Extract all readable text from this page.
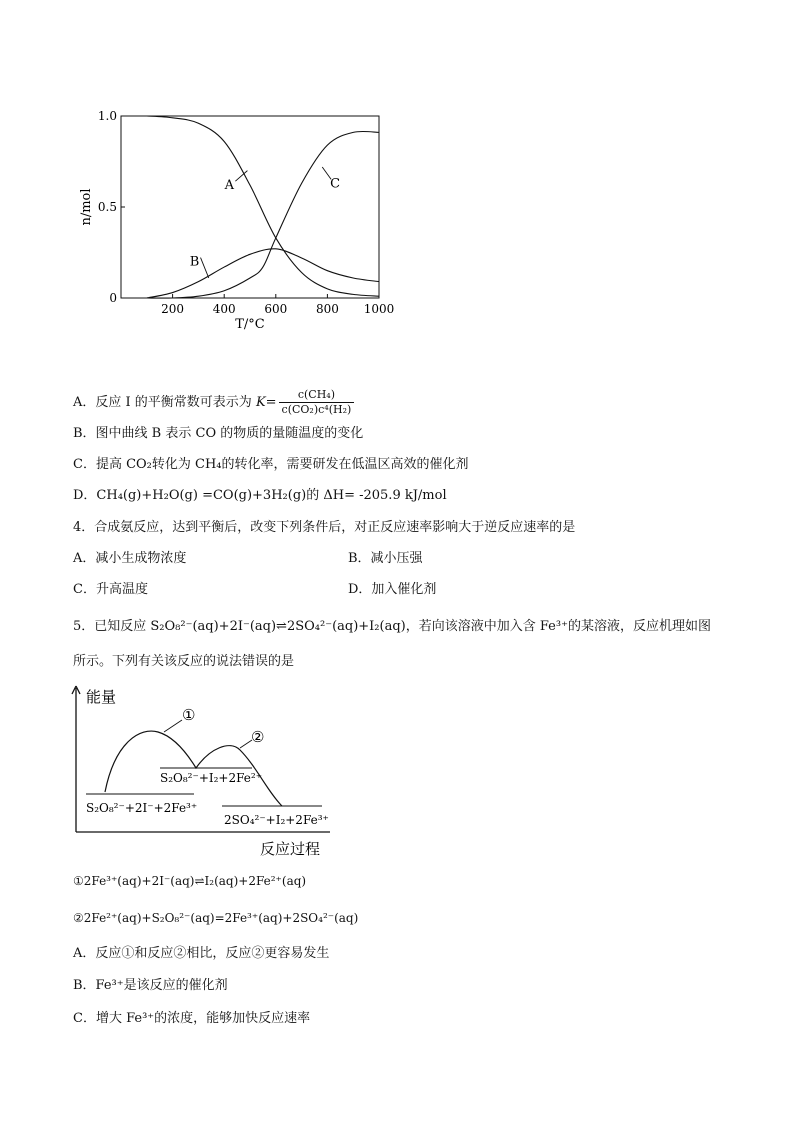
200 400 600 800 1000
0
0.5
1.0
T/°C
n/mol
A
B
C
A．反应 I 的平衡常数可表示为 $K= \frac{\text{c(CH₄)}}{\text{c(CO₂)c⁴(H₂)}}$
B．图中曲线 B 表示 CO 的物质的量随温度的变化
C．提高 CO₂转化为 CH₄的转化率，需要研发在低温区高效的催化剂
D．CH₄(g)+H₂O(g) =CO(g)+3H₂(g)的 ΔH= -205.9 kJ/mol
4．合成氨反应，达到平衡后，改变下列条件后，对正反应速率影响大于逆反应速率的是
A．减小生成物浓度	B．减小压强
C．升高温度	D．加入催化剂
5．已知反应 S₂O₈²⁻(aq)+2I⁻(aq)⇌2SO₄²⁻(aq)+I₂(aq)，若向该溶液中加入含 Fe³⁺的某溶液，反应机理如图
所示。下列有关该反应的说法错误的是
能量
反应过程
S₂O₈²⁻+2I⁻+2Fe³⁺
S₂O₈²⁻+I₂+2Fe²⁺
2SO₄²⁻+I₂+2Fe³⁺
①
②
①2Fe³⁺(aq)+2I⁻(aq)⇌I₂(aq)+2Fe²⁺(aq)
②2Fe²⁺(aq)+S₂O₈²⁻(aq)=2Fe³⁺(aq)+2SO₄²⁻(aq)
A．反应①和反应②相比，反应②更容易发生
B．Fe³⁺是该反应的催化剂
C．增大 Fe³⁺的浓度，能够加快反应速率
